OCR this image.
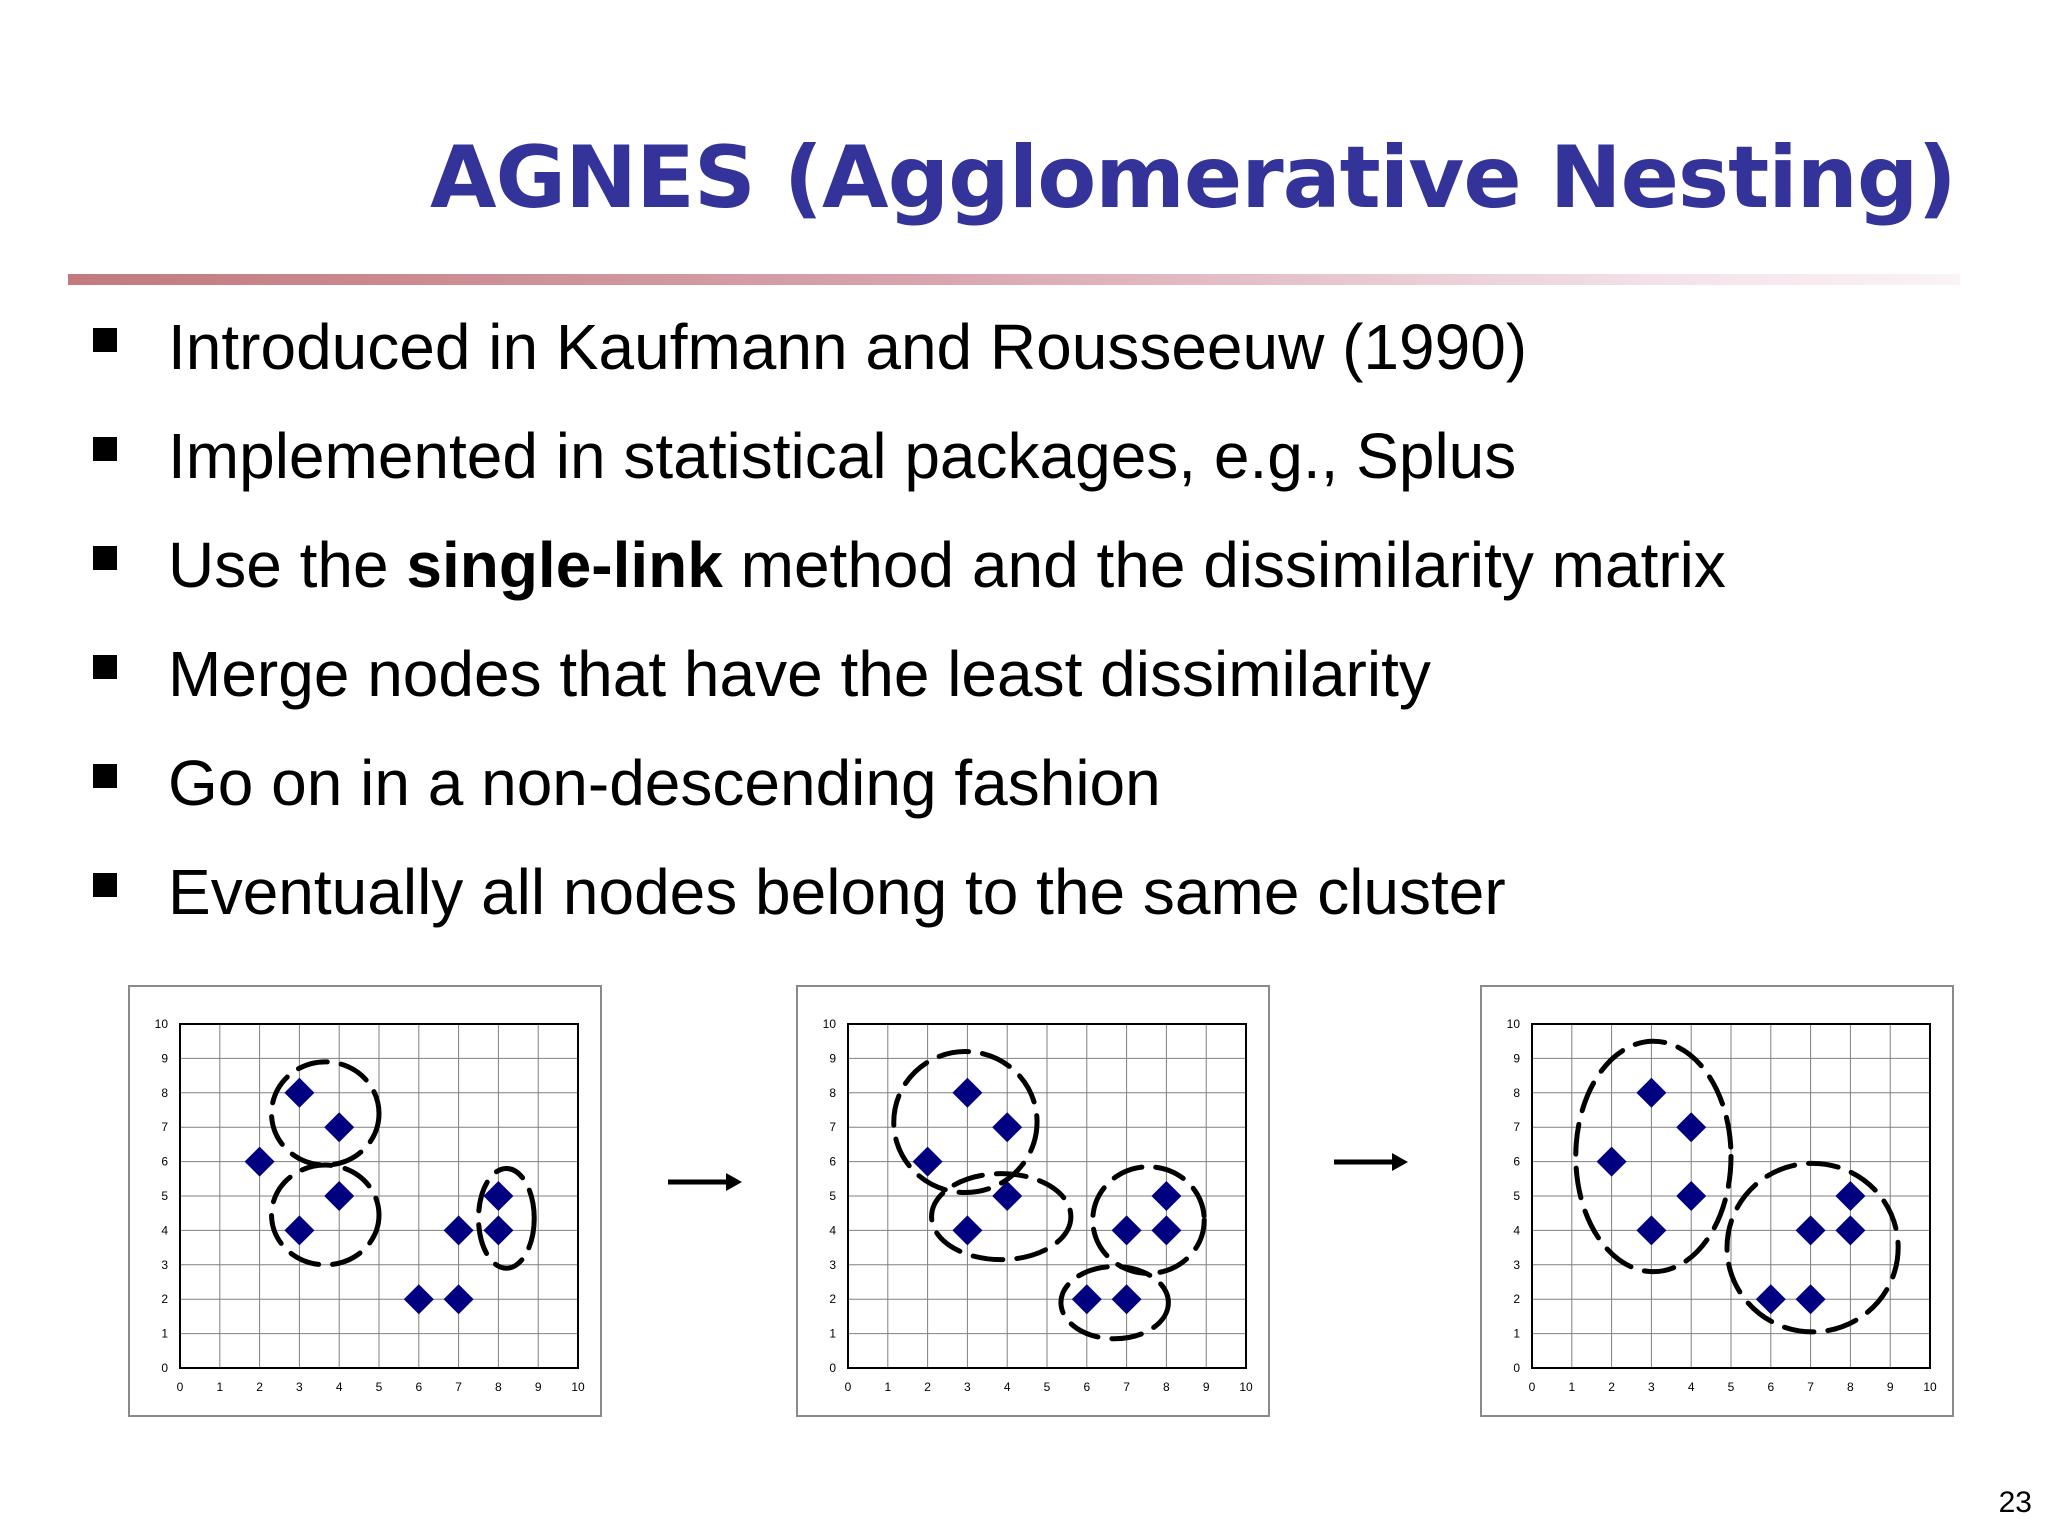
AGNES (Agglomerative Nesting)
Introduced in Kaufmann and Rousseeuw (1990)
Implemented in statistical packages, e.g., Splus
Use the single-link method and the dissimilarity matrix
Merge nodes that have the least dissimilarity
Go on in a non-descending fashion
Eventually all nodes belong to the same cluster
0	1	2	3	4	5	6	7	8	9 10
0
1
2
3
4
5
6
7
8
9
10
0	1	2	3	4	5	6	7	8	9 10
0
1
2
3
4
5
6
7
8
9
10
0	1	2	3	4	5	6	7	8	9 10
0
1
2
3
4
5
6
7
8
9
10
23
